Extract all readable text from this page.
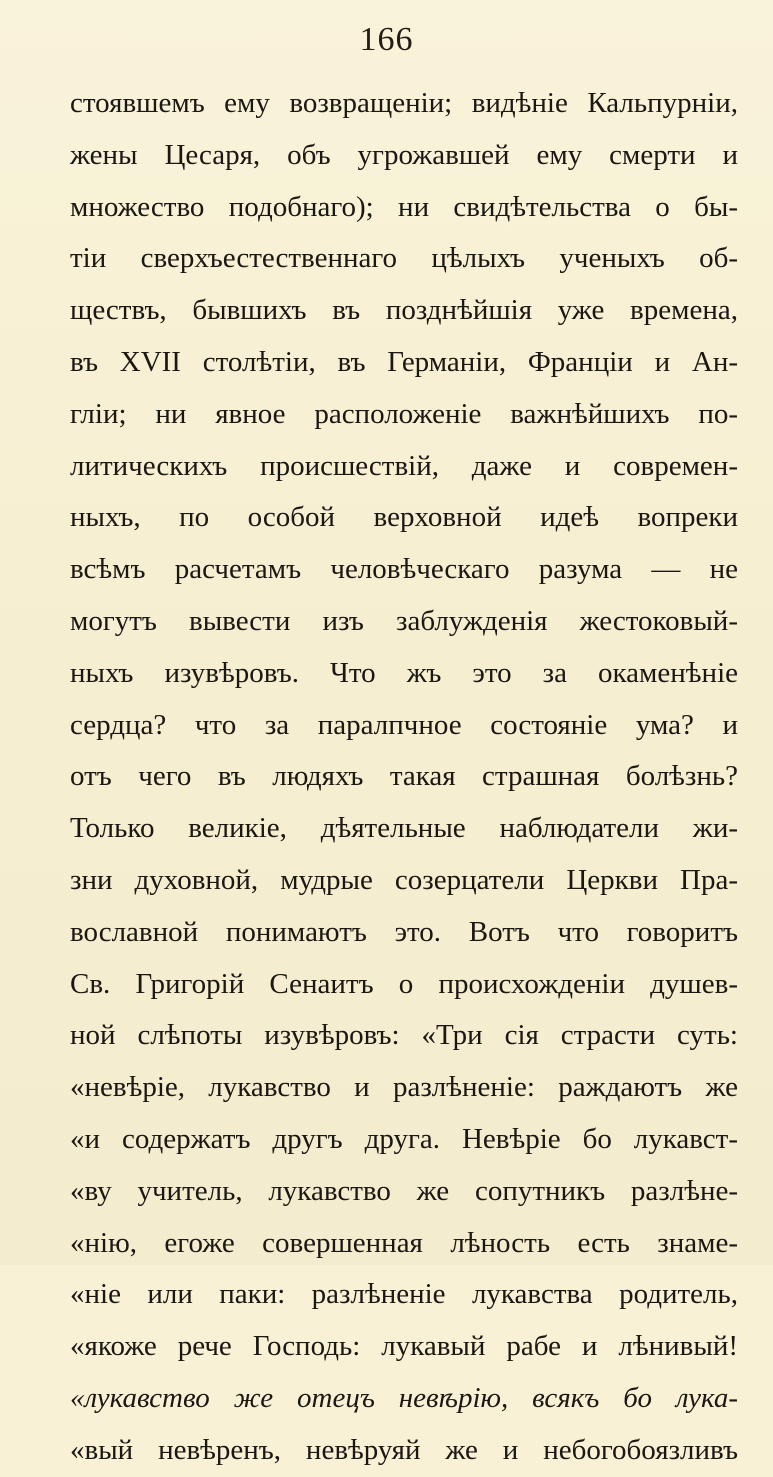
166
стоявшемъ ему возвращеніи; видѣніе Кальпурніи,
жены Цесаря, объ угрожавшей ему смерти и
множество подобнаго); ни свидѣтельства о бы-
тіи сверхъестественнаго цѣлыхъ ученыхъ об-
ществъ, бывшихъ въ позднѣйшія уже времена,
въ XVII столѣтіи, въ Германіи, Франціи и Ан-
гліи; ни явное расположеніе важнѣйшихъ по-
литическихъ происшествій, даже и современ-
ныхъ, по особой верховной идеѣ вопреки
всѣмъ расчетамъ человѣческаго разума — не
могутъ вывести изъ заблужденія жестоковый-
ныхъ изувѣровъ. Что жъ это за окаменѣніе
сердца? что за паралпчное состояніе ума? и
отъ чего въ людяхъ такая страшная болѣзнь?
Только великіе, дѣятельные наблюдатели жи-
зни духовной, мудрые созерцатели Церкви Пра-
вославной понимаютъ это. Вотъ что говоритъ
Св. Григорій Сенаитъ о происхожденіи душев-
ной слѣпоты изувѣровъ: «Три сія страсти суть:
«невѣріе, лукавство и разлѣненіе: раждаютъ же
«и содержатъ другъ друга. Невѣріе бо лукавст-
«ву учитель, лукавство же сопутникъ разлѣне-
«нію, егоже совершенная лѣность есть знаме-
«ніе или паки: разлѣненіе лукавства родитель,
«якоже рече Господь: лукавый рабе и лѣнивый!
«лукавство же отецъ невѣрію, всякъ бо лука-
«вый невѣренъ, невѣруяй же и небогобоязливъ
